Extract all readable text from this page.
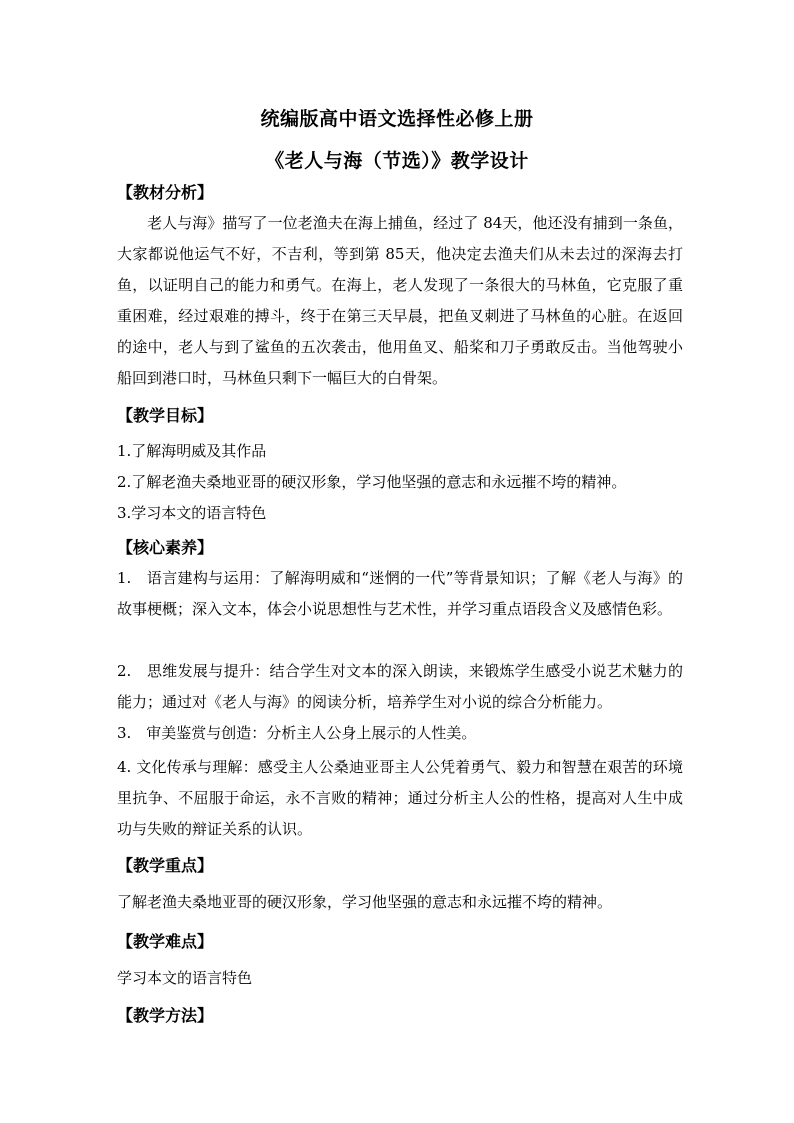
统编版高中语文选择性必修上册
《老人与海（节选）》教学设计
【教材分析】
　　老人与海》描写了一位老渔夫在海上捕鱼，经过了 84天，他还没有捕到一条鱼，大家都说他运气不好，不吉利，等到第 85天，他决定去渔夫们从未去过的深海去打鱼，以证明自己的能力和勇气。在海上，老人发现了一条很大的马林鱼，它克服了重重困难，经过艰难的搏斗，终于在第三天早晨，把鱼叉刺进了马林鱼的心脏。在返回的途中，老人与到了鲨鱼的五次袭击，他用鱼叉、船桨和刀子勇敢反击。当他驾驶小船回到港口时，马林鱼只剩下一幅巨大的白骨架。
【教学目标】
1.了解海明威及其作品
2.了解老渔夫桑地亚哥的硬汉形象，学习他坚强的意志和永远摧不垮的精神。
3.学习本文的语言特色
【核心素养】
1.　语言建构与运用：了解海明威和“迷惘的一代”等背景知识；了解《老人与海》的故事梗概；深入文本，体会小说思想性与艺术性，并学习重点语段含义及感情色彩。
2.　思维发展与提升：结合学生对文本的深入朗读，来锻炼学生感受小说艺术魅力的能力；通过对《老人与海》的阅读分析，培养学生对小说的综合分析能力。
3.　审美鉴赏与创造：分析主人公身上展示的人性美。
4. 文化传承与理解：感受主人公桑迪亚哥主人公凭着勇气、毅力和智慧在艰苦的环境里抗争、不屈服于命运，永不言败的精神；通过分析主人公的性格，提高对人生中成功与失败的辩证关系的认识。
【教学重点】
了解老渔夫桑地亚哥的硬汉形象，学习他坚强的意志和永远摧不垮的精神。
【教学难点】
学习本文的语言特色
【教学方法】
